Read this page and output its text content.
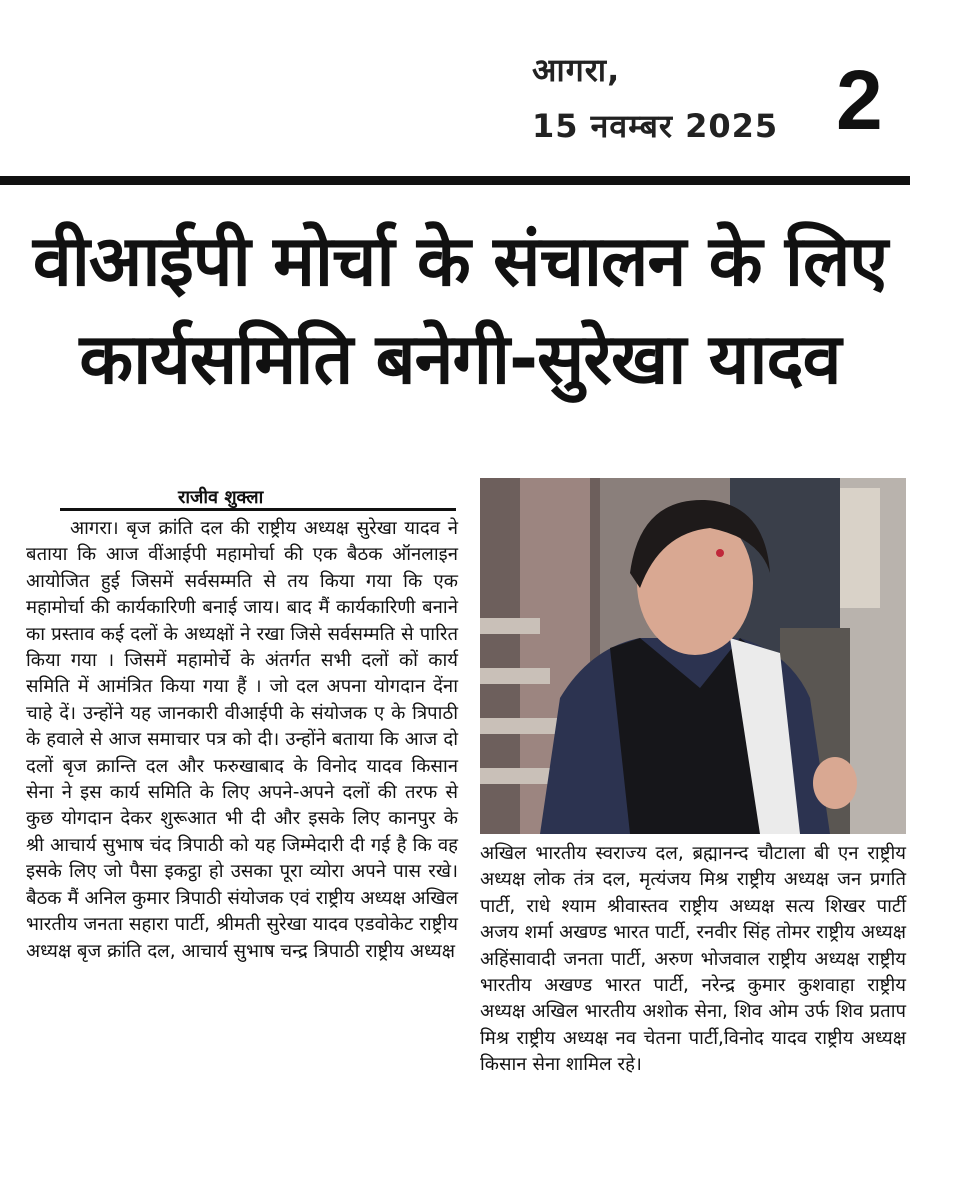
आगरा,
15 नवम्बर 2025 2
वीआईपी मोर्चा के संचालन के लिए
कार्यसमिति बनेगी-सुरेखा यादव
राजीव शुक्ला

आगरा। बृज क्रांति दल की राष्ट्रीय अध्यक्ष सुरेखा यादव ने बताया कि आज वींआईपी महामोर्चा की एक बैठक ऑनलाइन आयोजित हुई जिसमें सर्वसम्मति से तय किया गया कि एक महामोर्चा की कार्यकारिणी बनाई जाय। बाद मैं कार्यकारिणी बनाने का प्रस्ताव कई दलों के अध्यक्षों ने रखा जिसे सर्वसम्मति से पारित किया गया । जिसमें महामोर्चे के अंतर्गत सभी दलों कों कार्य समिति में आमंत्रित किया गया हैं । जो दल अपना योगदान देंना चाहे दें। उन्होंने यह जानकारी वीआईपी के संयोजक ए के त्रिपाठी के हवाले से आज समाचार पत्र को दी। उन्होंने बताया कि आज दो दलों बृज क्रान्ति दल और फरुखाबाद के विनोद यादव किसान सेना ने इस कार्य समिति के लिए अपने-अपने दलों की तरफ से कुछ योगदान देकर शुरूआत भी दी और इसके लिए कानपुर के श्री आचार्य सुभाष चंद त्रिपाठी को यह जिम्मेदारी दी गई है कि वह इसके लिए जो पैसा इकट्ठा हो उसका पूरा व्योरा अपने पास रखे। बैठक मैं अनिल कुमार त्रिपाठी संयोजक एवं राष्ट्रीय अध्यक्ष अखिल भारतीय जनता सहारा पार्टी, श्रीमती सुरेखा यादव एडवोकेट राष्ट्रीय अध्यक्ष बृज क्रांति दल, आचार्य सुभाष चन्द्र त्रिपाठी राष्ट्रीय अध्यक्ष

अखिल भारतीय स्वराज्य दल, ब्रह्मानन्द चौटाला बी एन राष्ट्रीय अध्यक्ष लोक तंत्र दल, मृत्यंजय मिश्र राष्ट्रीय अध्यक्ष जन प्रगति पार्टी, राधे श्याम श्रीवास्तव राष्ट्रीय अध्यक्ष सत्य शिखर पार्टी अजय शर्मा अखण्ड भारत पार्टी, रनवीर सिंह तोमर राष्ट्रीय अध्यक्ष अहिंसावादी जनता पार्टी, अरुण भोजवाल राष्ट्रीय अध्यक्ष राष्ट्रीय भारतीय अखण्ड भारत पार्टी, नरेन्द्र कुमार कुशवाहा राष्ट्रीय अध्यक्ष अखिल भारतीय अशोक सेना, शिव ओम उर्फ शिव प्रताप मिश्र राष्ट्रीय अध्यक्ष नव चेतना पार्टी,विनोद यादव राष्ट्रीय अध्यक्ष किसान सेना शामिल रहे।
